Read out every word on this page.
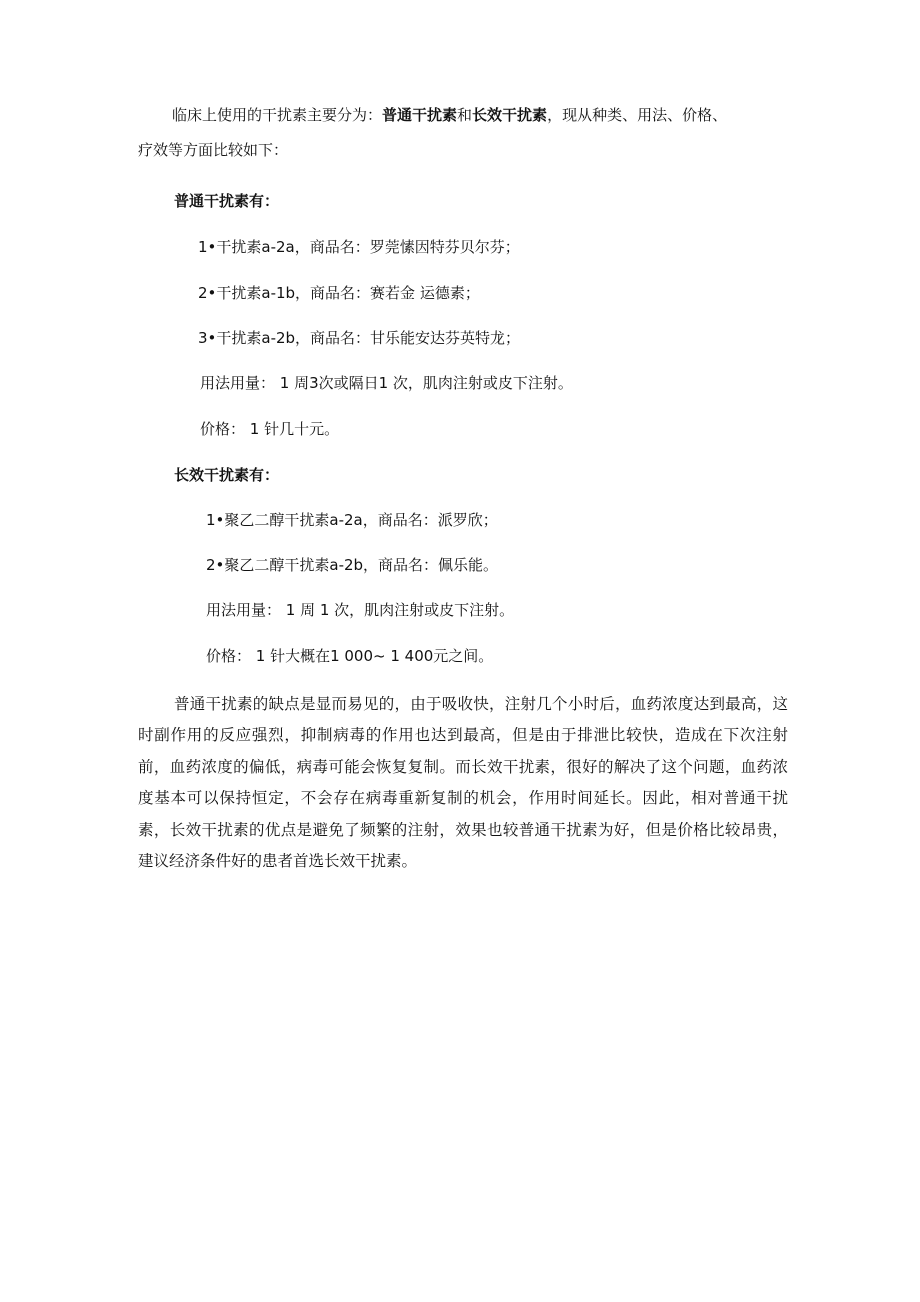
临床上使用的干扰素主要分为：普通干扰素和长效干扰素，现从种类、用法、价格、
疗效等方面比较如下：
普通干扰素有：
1•干扰素a-2a，商品名：罗莞愫因特芬贝尔芬；
2•干扰素a-1b，商品名：赛若金 运德素；
3•干扰素a-2b，商品名：甘乐能安达芬英特龙；
用法用量： 1 周3次或隔日1 次，肌肉注射或皮下注射。
价格： 1 针几十元。
长效干扰素有：
1•聚乙二醇干扰素a-2a，商品名：派罗欣；
2•聚乙二醇干扰素a-2b，商品名：佩乐能。
用法用量： 1 周 1 次，肌肉注射或皮下注射。
价格： 1 针大概在1 000~ 1 400元之间。

普通干扰素的缺点是显而易见的，由于吸收快，注射几个小时后，血药浓度达到最高，这时副作用的反应强烈，抑制病毒的作用也达到最高，但是由于排泄比较快，造成在下次注射前，血药浓度的偏低，病毒可能会恢复复制。而长效干扰素，很好的解决了这个问题，血药浓度基本可以保持恒定，不会存在病毒重新复制的机会，作用时间延长。因此，相对普通干扰素，长效干扰素的优点是避免了频繁的注射，效果也较普通干扰素为好，但是价格比较昂贵，建议经济条件好的患者首选长效干扰素。
